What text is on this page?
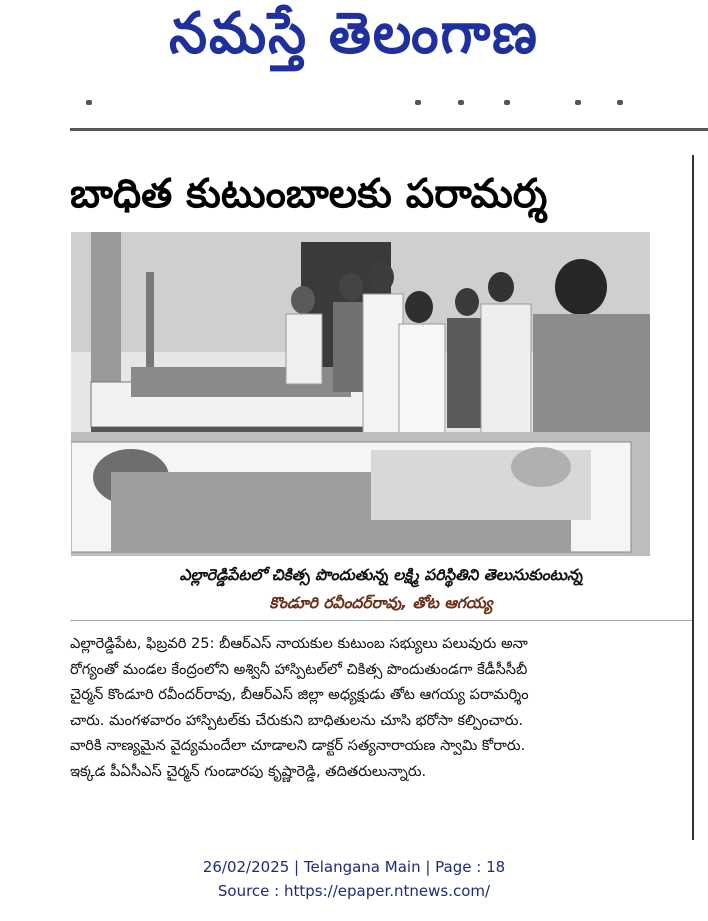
నమస్తే తెలంగాణ
బాధిత కుటుంబాలకు పరామర్శ
ఎల్లారెడ్డిపేటలో చికిత్స పొందుతున్న లక్ష్మి పరిస్థితిని తెలుసుకుంటున్న
కొండూరి రవీందర్‌రావు, తోట ఆగయ్య

ఎల్లారెడ్డిపేట, ఫిబ్రవరి 25: బీఆర్‌ఎస్ నాయకుల కుటుంబ సభ్యులు పలువురు అనా

రోగ్యంతో మండల కేంద్రంలోని అశ్వినీ హాస్పిటల్‌లో చికిత్స పొందుతుండగా కేడీసీసీబీ

చైర్మన్ కొండూరి రవీందర్‌రావు, బీఆర్‌ఎస్ జిల్లా అధ్యక్షుడు తోట ఆగయ్య పరామర్శిం

చారు. మంగళవారం హాస్పిటల్‌కు చేరుకుని బాధితులను చూసి భరోసా కల్పించారు.

వారికి నాణ్యమైన వైద్యమందేలా చూడాలని డాక్టర్ సత్యనారాయణ స్వామి కోరారు.

ఇక్కడ పీఏసీఎస్ చైర్మన్ గుండారపు కృష్ణారెడ్డి, తదితరులున్నారు.

26/02/2025 | Telangana Main | Page : 18
Source : https://epaper.ntnews.com/
